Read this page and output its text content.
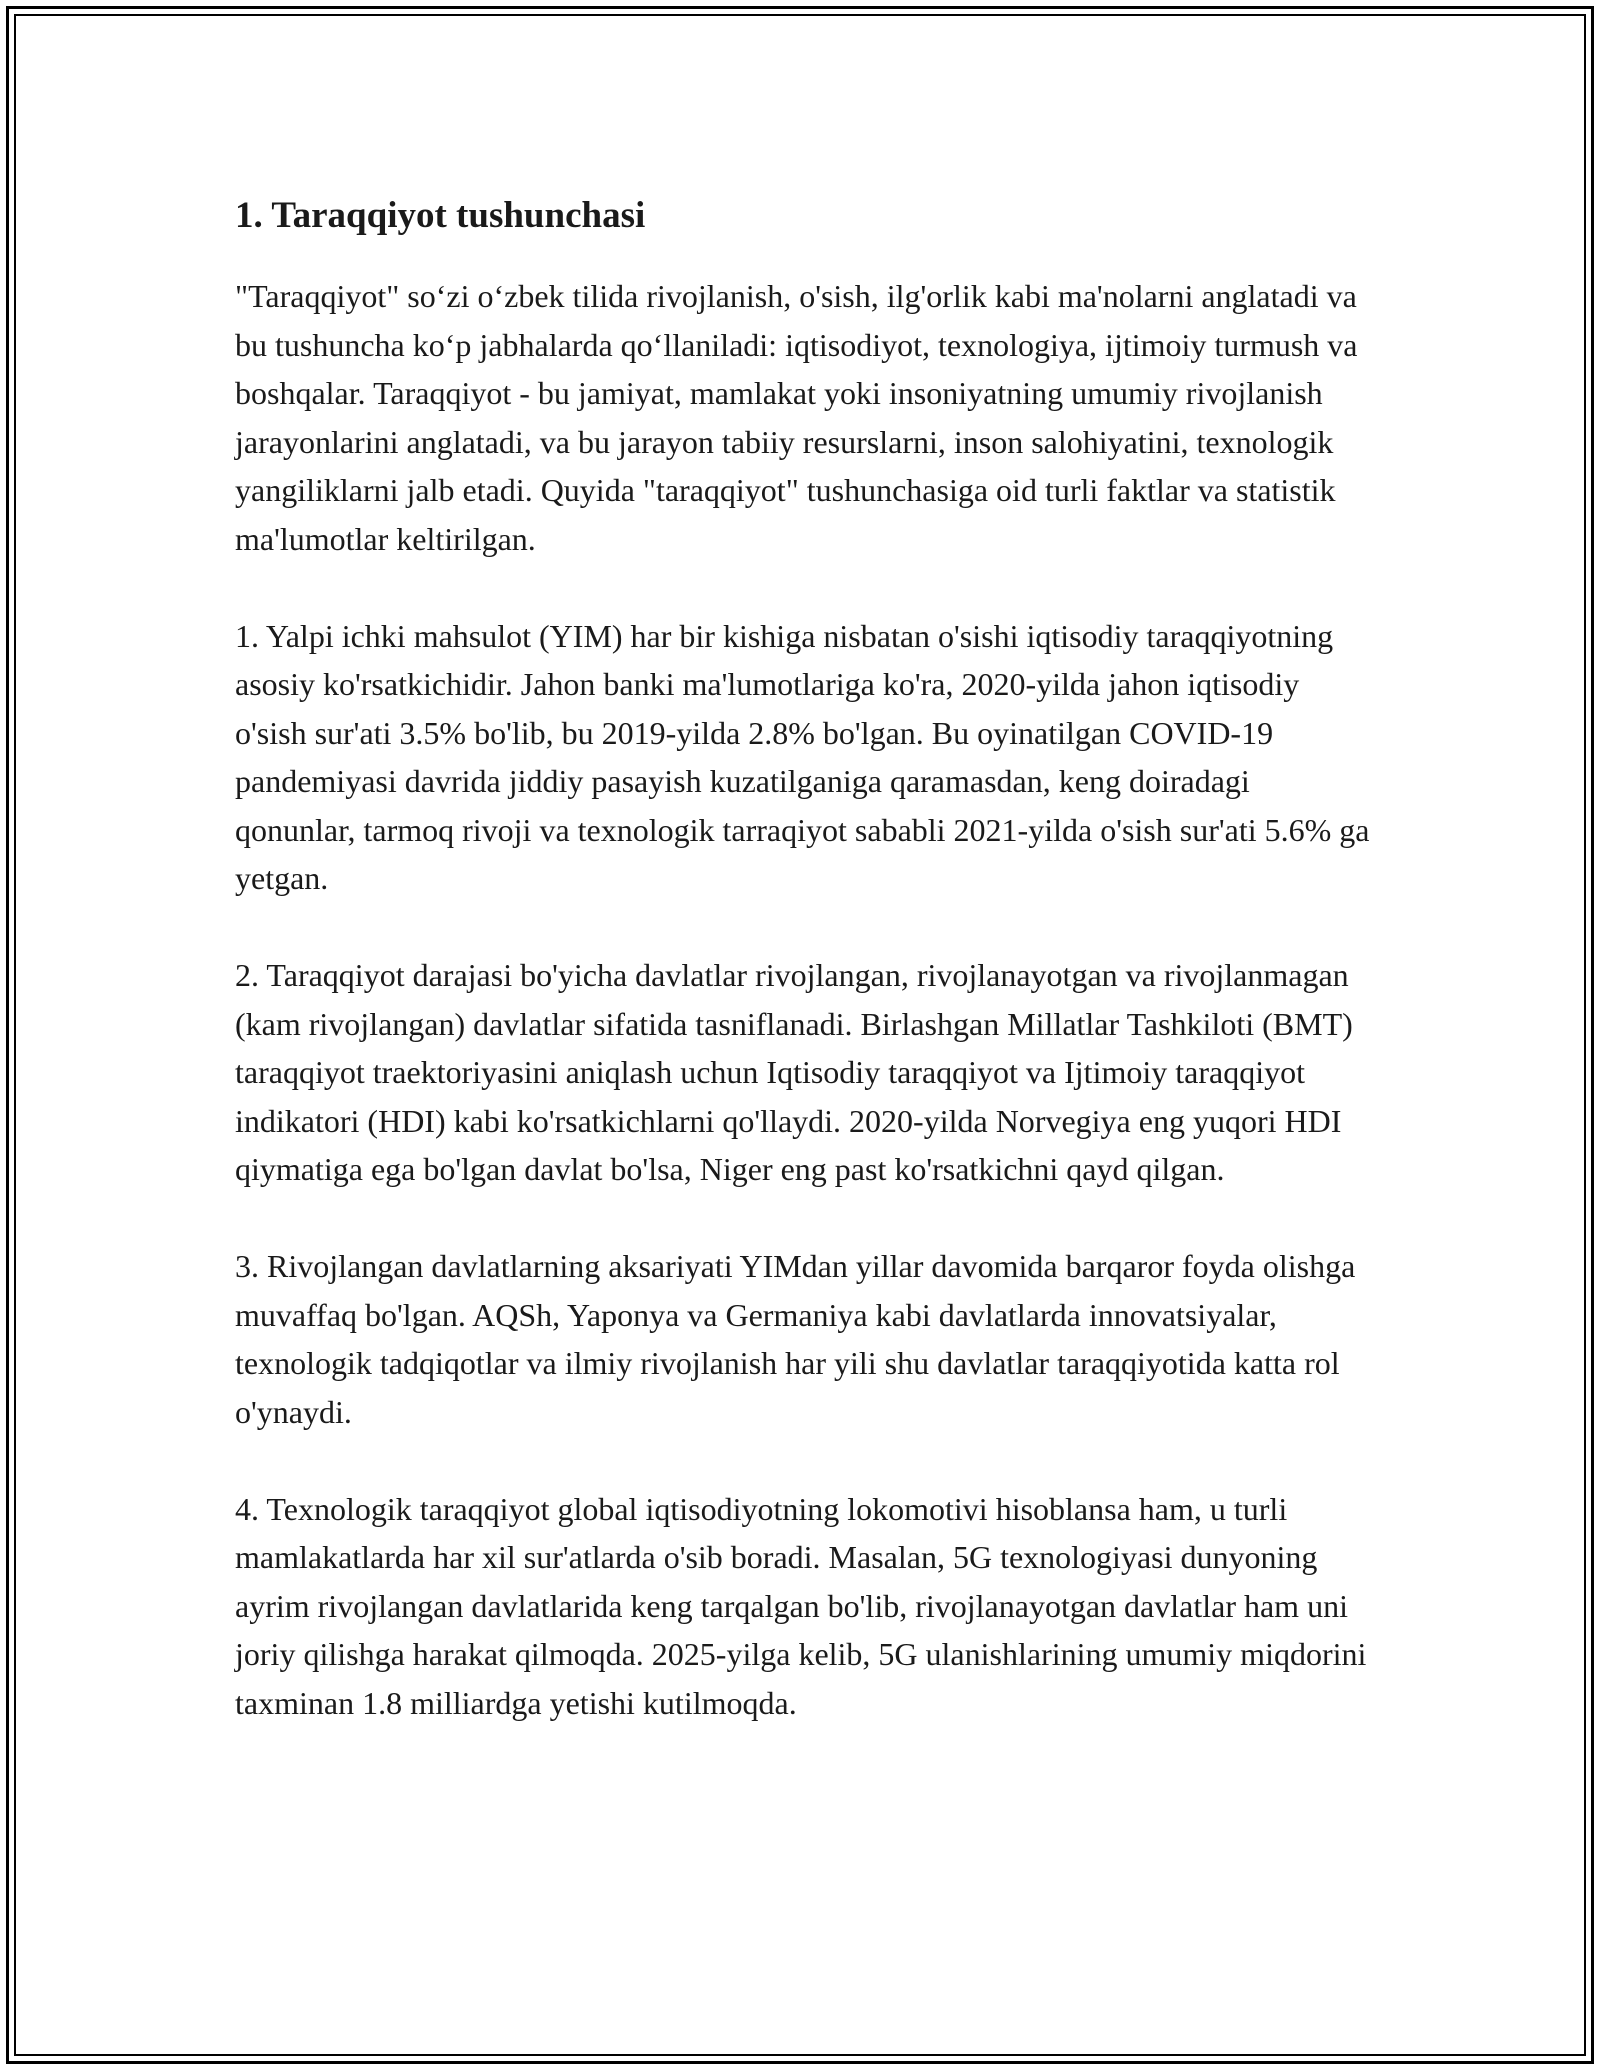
1. Taraqqiyot tushunchasi

"Taraqqiyot" so‘zi o‘zbek tilida rivojlanish, o'sish, ilg'orlik kabi ma'nolarni anglatadi va bu tushuncha ko‘p jabhalarda qo‘llaniladi: iqtisodiyot, texnologiya, ijtimoiy turmush va boshqalar. Taraqqiyot - bu jamiyat, mamlakat yoki insoniyatning umumiy rivojlanish jarayonlarini anglatadi, va bu jarayon tabiiy resurslarni, inson salohiyatini, texnologik yangiliklarni jalb etadi. Quyida "taraqqiyot" tushunchasiga oid turli faktlar va statistik ma'lumotlar keltirilgan.

1. Yalpi ichki mahsulot (YIM) har bir kishiga nisbatan o'sishi iqtisodiy taraqqiyotning asosiy ko'rsatkichidir. Jahon banki ma'lumotlariga ko'ra, 2020-yilda jahon iqtisodiy o'sish sur'ati 3.5% bo'lib, bu 2019-yilda 2.8% bo'lgan. Bu oyinatilgan COVID-19 pandemiyasi davrida jiddiy pasayish kuzatilganiga qaramasdan, keng doiradagi qonunlar, tarmoq rivoji va texnologik tarraqiyot sababli 2021-yilda o'sish sur'ati 5.6% ga yetgan.

2. Taraqqiyot darajasi bo'yicha davlatlar rivojlangan, rivojlanayotgan va rivojlanmagan (kam rivojlangan) davlatlar sifatida tasniflanadi. Birlashgan Millatlar Tashkiloti (BMT) taraqqiyot traektoriyasini aniqlash uchun Iqtisodiy taraqqiyot va Ijtimoiy taraqqiyot indikatori (HDI) kabi ko'rsatkichlarni qo'llaydi. 2020-yilda Norvegiya eng yuqori HDI qiymatiga ega bo'lgan davlat bo'lsa, Niger eng past ko'rsatkichni qayd qilgan.

3. Rivojlangan davlatlarning aksariyati YIMdan yillar davomida barqaror foyda olishga muvaffaq bo'lgan. AQSh, Yaponya va Germaniya kabi davlatlarda innovatsiyalar, texnologik tadqiqotlar va ilmiy rivojlanish har yili shu davlatlar taraqqiyotida katta rol o'ynaydi.

4. Texnologik taraqqiyot global iqtisodiyotning lokomotivi hisoblansa ham, u turli mamlakatlarda har xil sur'atlarda o'sib boradi. Masalan, 5G texnologiyasi dunyoning ayrim rivojlangan davlatlarida keng tarqalgan bo'lib, rivojlanayotgan davlatlar ham uni joriy qilishga harakat qilmoqda. 2025-yilga kelib, 5G ulanishlarining umumiy miqdorini taxminan 1.8 milliardga yetishi kutilmoqda.
